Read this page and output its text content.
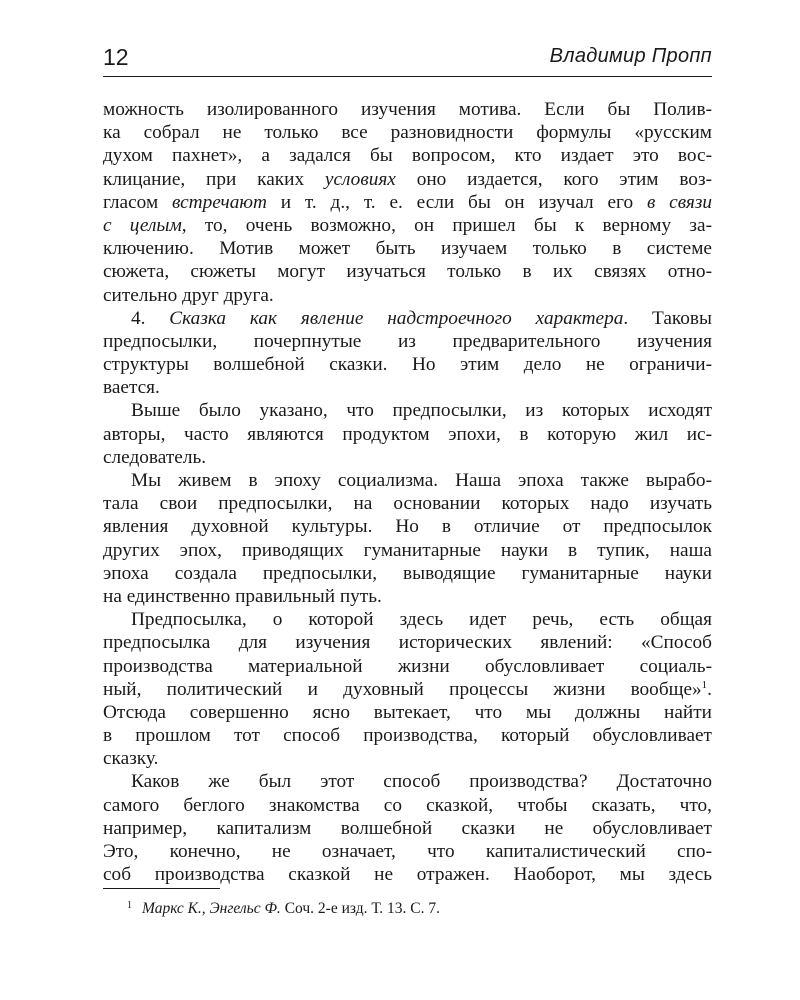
12	Владимир Пропп
можность изолированного изучения мотива. Если бы Полив-
ка собрал не только все разновидности формулы «русским
духом пахнет», а задался бы вопросом, кто издает это вос-
клицание, при каких условиях оно издается, кого этим воз-
гласом встречают и т. д., т. е. если бы он изучал его в связи
с целым, то, очень возможно, он пришел бы к верному за-
ключению. Мотив может быть изучаем только в системе
сюжета, сюжеты могут изучаться только в их связях отно-
сительно друг друга.
4. Сказка как явление надстроечного характера. Таковы
предпосылки, почерпнутые из предварительного изучения
структуры волшебной сказки. Но этим дело не ограничи-
вается.
Выше было указано, что предпосылки, из которых исходят
авторы, часто являются продуктом эпохи, в которую жил ис-
следователь.
Мы живем в эпоху социализма. Наша эпоха также вырабо-
тала свои предпосылки, на основании которых надо изучать
явления духовной культуры. Но в отличие от предпосылок
других эпох, приводящих гуманитарные науки в тупик, наша
эпоха создала предпосылки, выводящие гуманитарные науки
на единственно правильный путь.
Предпосылка, о которой здесь идет речь, есть общая
предпосылка для изучения исторических явлений: «Способ
производства материальной жизни обусловливает социаль-
ный, политический и духовный процессы жизни вообще»$^1$.
Отсюда совершенно ясно вытекает, что мы должны найти
в прошлом тот способ производства, который обусловливает
сказку.
Каков же был этот способ производства? Достаточно
самого беглого знакомства со сказкой, чтобы сказать, что,
например, капитализм волшебной сказки не обусловливает
Это, конечно, не означает, что капиталистический спо-
соб производства сказкой не отражен. Наоборот, мы здесь
$^1$ Маркс К., Энгельс Ф. Соч. 2-е изд. Т. 13. С. 7.
